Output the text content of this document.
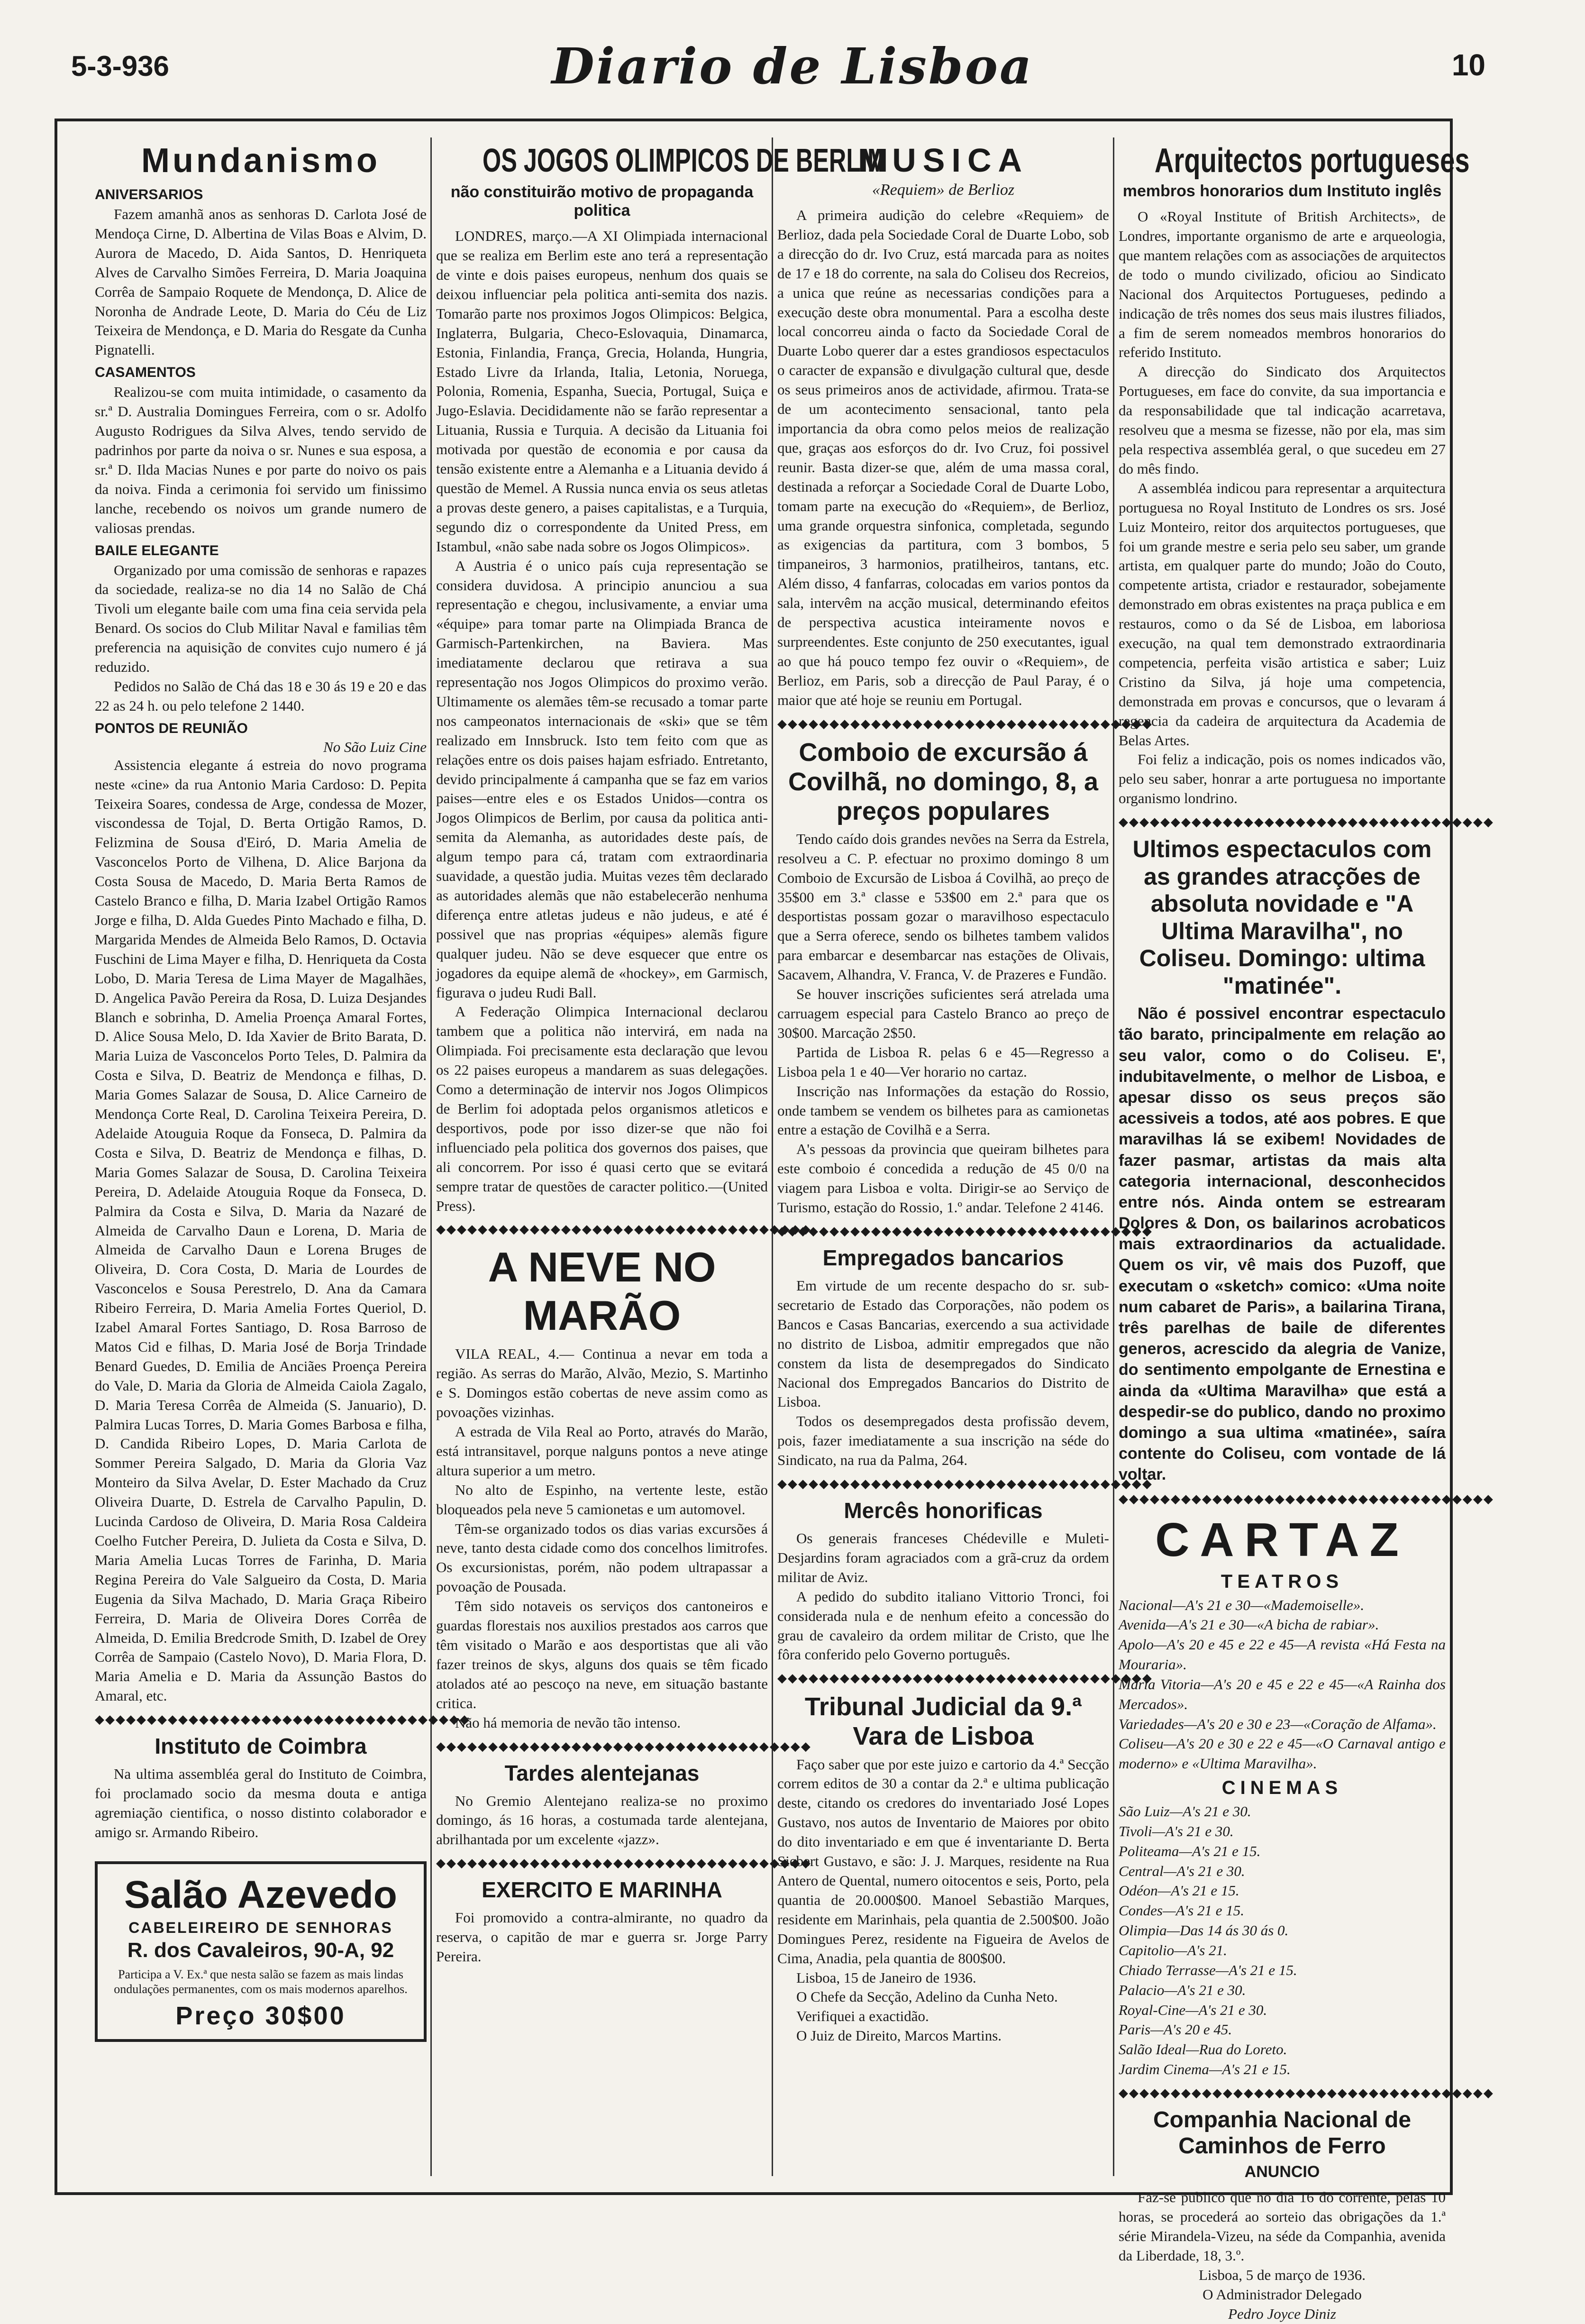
5-3-936	Diario de Lisboa	10
Mundanismo
ANIVERSARIOS

Fazem amanhã anos as senhoras D. Carlota José de Mendoça Cirne, D. Albertina de Vilas Boas e Alvim, D. Aurora de Macedo, D. Aida Santos, D. Henriqueta Alves de Carvalho Simões Ferreira, D. Maria Joaquina Corrêa de Sampaio Roquete de Mendonça, D. Alice de Noronha de Andrade Leote, D. Maria do Céu de Liz Teixeira de Mendonça, e D. Maria do Resgate da Cunha Pignatelli.

CASAMENTOS

Realizou-se com muita intimidade, o casamento da sr.ª D. Australia Domingues Ferreira, com o sr. Adolfo Augusto Rodrigues da Silva Alves, tendo servido de padrinhos por parte da noiva o sr. Nunes e sua esposa, a sr.ª D. Ilda Macias Nunes e por parte do noivo os pais da noiva. Finda a cerimonia foi servido um finissimo lanche, recebendo os noivos um grande numero de valiosas prendas.

BAILE ELEGANTE

Organizado por uma comissão de senhoras e rapazes da sociedade, realiza-se no dia 14 no Salão de Chá Tivoli um elegante baile com uma fina ceia servida pela Benard. Os socios do Club Militar Naval e familias têm preferencia na aquisição de convites cujo numero é já reduzido.

Pedidos no Salão de Chá das 18 e 30 ás 19 e 20 e das 22 as 24 h. ou pelo telefone 2 1440.

PONTOS DE REUNIÃO
No São Luiz Cine

Assistencia elegante á estreia do novo programa neste «cine» da rua Antonio Maria Cardoso: D. Pepita Teixeira Soares, condessa de Arge, condessa de Mozer, viscondessa de Tojal, D. Berta Ortigão Ramos, D. Felizmina de Sousa d'Eiró, D. Maria Amelia de Vasconcelos Porto de Vilhena, D. Alice Barjona da Costa Sousa de Macedo, D. Maria Berta Ramos de Castelo Branco e filha, D. Maria Izabel Ortigão Ramos Jorge e filha, D. Alda Guedes Pinto Machado e filha, D. Margarida Mendes de Almeida Belo Ramos, D. Octavia Fuschini de Lima Mayer e filha, D. Henriqueta da Costa Lobo, D. Maria Teresa de Lima Mayer de Magalhães, D. Angelica Pavão Pereira da Rosa, D. Luiza Desjandes Blanch e sobrinha, D. Amelia Proença Amaral Fortes, D. Alice Sousa Melo, D. Ida Xavier de Brito Barata, D. Maria Luiza de Vasconcelos Porto Teles, D. Palmira da Costa e Silva, D. Beatriz de Mendonça e filhas, D. Maria Gomes Salazar de Sousa, D. Alice Carneiro de Mendonça Corte Real, D. Carolina Teixeira Pereira, D. Adelaide Atouguia Roque da Fonseca, D. Palmira da Costa e Silva, D. Beatriz de Mendonça e filhas, D. Maria Gomes Salazar de Sousa, D. Carolina Teixeira Pereira, D. Adelaide Atouguia Roque da Fonseca, D. Palmira da Costa e Silva, D. Maria da Nazaré de Almeida de Carvalho Daun e Lorena, D. Maria de Almeida de Carvalho Daun e Lorena Bruges de Oliveira, D. Cora Costa, D. Maria de Lourdes de Vasconcelos e Sousa Perestrelo, D. Ana da Camara Ribeiro Ferreira, D. Maria Amelia Fortes Queriol, D. Izabel Amaral Fortes Santiago, D. Rosa Barroso de Matos Cid e filhas, D. Maria José de Borja Trindade Benard Guedes, D. Emilia de Anciães Proença Pereira do Vale, D. Maria da Gloria de Almeida Caiola Zagalo, D. Maria Teresa Corrêa de Almeida (S. Januario), D. Palmira Lucas Torres, D. Maria Gomes Barbosa e filha, D. Candida Ribeiro Lopes, D. Maria Carlota de Sommer Pereira Salgado, D. Maria da Gloria Vaz Monteiro da Silva Avelar, D. Ester Machado da Cruz Oliveira Duarte, D. Estrela de Carvalho Papulin, D. Lucinda Cardoso de Oliveira, D. Maria Rosa Caldeira Coelho Futcher Pereira, D. Julieta da Costa e Silva, D. Maria Amelia Lucas Torres de Farinha, D. Maria Regina Pereira do Vale Salgueiro da Costa, D. Maria Eugenia da Silva Machado, D. Maria Graça Ribeiro Ferreira, D. Maria de Oliveira Dores Corrêa de Almeida, D. Emilia Bredcrode Smith, D. Izabel de Orey Corrêa de Sampaio (Castelo Novo), D. Maria Flora, D. Maria Amelia e D. Maria da Assunção Bastos do Amaral, etc.

◆◆◆◆◆◆◆◆◆◆◆◆◆◆◆◆◆◆◆◆◆◆◆◆◆◆◆◆◆◆◆◆◆◆◆◆
Instituto de Coimbra

Na ultima assembléa geral do Instituto de Coimbra, foi proclamado socio da mesma douta e antiga agremiação cientifica, o nosso distinto colaborador e amigo sr. Armando Ribeiro.

Salão Azevedo
CABELEIREIRO DE SENHORAS
R. dos Cavaleiros, 90-A, 92

Participa a V. Ex.ª que nesta salão se fazem as mais lindas ondulações permanentes, com os mais modernos aparelhos.

Preço 30$00
OS JOGOS OLIMPICOS DE BERLIM
não constituirão motivo de propaganda politica

LONDRES, março.—A XI Olimpiada internacional que se realiza em Berlim este ano terá a representação de vinte e dois paises europeus, nenhum dos quais se deixou influenciar pela politica anti-semita dos nazis. Tomarão parte nos proximos Jogos Olimpicos: Belgica, Inglaterra, Bulgaria, Checo-Eslovaquia, Dinamarca, Estonia, Finlandia, França, Grecia, Holanda, Hungria, Estado Livre da Irlanda, Italia, Letonia, Noruega, Polonia, Romenia, Espanha, Suecia, Portugal, Suiça e Jugo-Eslavia. Decididamente não se farão representar a Lituania, Russia e Turquia. A decisão da Lituania foi motivada por questão de economia e por causa da tensão existente entre a Alemanha e a Lituania devido á questão de Memel. A Russia nunca envia os seus atletas a provas deste genero, a paises capitalistas, e a Turquia, segundo diz o correspondente da United Press, em Istambul, «não sabe nada sobre os Jogos Olimpicos».

A Austria é o unico país cuja representação se considera duvidosa. A principio anunciou a sua representação e chegou, inclusivamente, a enviar uma «équipe» para tomar parte na Olimpiada Branca de Garmisch-Partenkirchen, na Baviera. Mas imediatamente declarou que retirava a sua representação nos Jogos Olimpicos do proximo verão. Ultimamente os alemães têm-se recusado a tomar parte nos campeonatos internacionais de «ski» que se têm realizado em Innsbruck. Isto tem feito com que as relações entre os dois paises hajam esfriado. Entretanto, devido principalmente á campanha que se faz em varios paises—entre eles e os Estados Unidos—contra os Jogos Olimpicos de Berlim, por causa da politica anti-semita da Alemanha, as autoridades deste país, de algum tempo para cá, tratam com extraordinaria suavidade, a questão judia. Muitas vezes têm declarado as autoridades alemãs que não estabelecerão nenhuma diferença entre atletas judeus e não judeus, e até é possivel que nas proprias «équipes» alemãs figure qualquer judeu. Não se deve esquecer que entre os jogadores da equipe alemã de «hockey», em Garmisch, figurava o judeu Rudi Ball.

A Federação Olimpica Internacional declarou tambem que a politica não intervirá, em nada na Olimpiada. Foi precisamente esta declaração que levou os 22 paises europeus a mandarem as suas delegações. Como a determinação de intervir nos Jogos Olimpicos de Berlim foi adoptada pelos organismos atleticos e desportivos, pode por isso dizer-se que não foi influenciado pela politica dos governos dos paises, que ali concorrem. Por isso é quasi certo que se evitará sempre tratar de questões de caracter politico.—(United Press).

◆◆◆◆◆◆◆◆◆◆◆◆◆◆◆◆◆◆◆◆◆◆◆◆◆◆◆◆◆◆◆◆◆◆◆◆
A NEVE NO MARÃO

VILA REAL, 4.— Continua a nevar em toda a região. As serras do Marão, Alvão, Mezio, S. Martinho e S. Domingos estão cobertas de neve assim como as povoações vizinhas.

A estrada de Vila Real ao Porto, através do Marão, está intransitavel, porque nalguns pontos a neve atinge altura superior a um metro.

No alto de Espinho, na vertente leste, estão bloqueados pela neve 5 camionetas e um automovel.

Têm-se organizado todos os dias varias excursões á neve, tanto desta cidade como dos concelhos limitrofes. Os excursionistas, porém, não podem ultrapassar a povoação de Pousada.

Têm sido notaveis os serviços dos cantoneiros e guardas florestais nos auxilios prestados aos carros que têm visitado o Marão e aos desportistas que ali vão fazer treinos de skys, alguns dos quais se têm ficado atolados até ao pescoço na neve, em situação bastante critica.

Não há memoria de nevão tão intenso.

◆◆◆◆◆◆◆◆◆◆◆◆◆◆◆◆◆◆◆◆◆◆◆◆◆◆◆◆◆◆◆◆◆◆◆◆
Tardes alentejanas

No Gremio Alentejano realiza-se no proximo domingo, ás 16 horas, a costumada tarde alentejana, abrilhantada por um excelente «jazz».

◆◆◆◆◆◆◆◆◆◆◆◆◆◆◆◆◆◆◆◆◆◆◆◆◆◆◆◆◆◆◆◆◆◆◆◆
EXERCITO E MARINHA

Foi promovido a contra-almirante, no quadro da reserva, o capitão de mar e guerra sr. Jorge Parry Pereira.

MUSICA
«Requiem» de Berlioz

A primeira audição do celebre «Requiem» de Berlioz, dada pela Sociedade Coral de Duarte Lobo, sob a direcção do dr. Ivo Cruz, está marcada para as noites de 17 e 18 do corrente, na sala do Coliseu dos Recreios, a unica que reúne as necessarias condições para a execução deste obra monumental. Para a escolha deste local concorreu ainda o facto da Sociedade Coral de Duarte Lobo querer dar a estes grandiosos espectaculos o caracter de expansão e divulgação cultural que, desde os seus primeiros anos de actividade, afirmou. Trata-se de um acontecimento sensacional, tanto pela importancia da obra como pelos meios de realização que, graças aos esforços do dr. Ivo Cruz, foi possivel reunir. Basta dizer-se que, além de uma massa coral, destinada a reforçar a Sociedade Coral de Duarte Lobo, tomam parte na execução do «Requiem», de Berlioz, uma grande orquestra sinfonica, completada, segundo as exigencias da partitura, com 3 bombos, 5 timpaneiros, 3 harmonios, pratilheiros, tantans, etc. Além disso, 4 fanfarras, colocadas em varios pontos da sala, intervêm na acção musical, determinando efeitos de perspectiva acustica inteiramente novos e surpreendentes. Este conjunto de 250 executantes, igual ao que há pouco tempo fez ouvir o «Requiem», de Berlioz, em Paris, sob a direcção de Paul Paray, é o maior que até hoje se reuniu em Portugal.

◆◆◆◆◆◆◆◆◆◆◆◆◆◆◆◆◆◆◆◆◆◆◆◆◆◆◆◆◆◆◆◆◆◆◆◆
Comboio de excursão á Covilhã, no domingo, 8, a preços populares

Tendo caído dois grandes nevões na Serra da Estrela, resolveu a C. P. efectuar no proximo domingo 8 um Comboio de Excursão de Lisboa á Covilhã, ao preço de 35$00 em 3.ª classe e 53$00 em 2.ª para que os desportistas possam gozar o maravilhoso espectaculo que a Serra oferece, sendo os bilhetes tambem validos para embarcar e desembarcar nas estações de Olivais, Sacavem, Alhandra, V. Franca, V. de Prazeres e Fundão.

Se houver inscrições suficientes será atrelada uma carruagem especial para Castelo Branco ao preço de 30$00. Marcação 2$50.

Partida de Lisboa R. pelas 6 e 45—Regresso a Lisboa pela 1 e 40—Ver horario no cartaz.

Inscrição nas Informações da estação do Rossio, onde tambem se vendem os bilhetes para as camionetas entre a estação de Covilhã e a Serra.

A's pessoas da provincia que queiram bilhetes para este comboio é concedida a redução de 45 0/0 na viagem para Lisboa e volta. Dirigir-se ao Serviço de Turismo, estação do Rossio, 1.º andar. Telefone 2 4146.

◆◆◆◆◆◆◆◆◆◆◆◆◆◆◆◆◆◆◆◆◆◆◆◆◆◆◆◆◆◆◆◆◆◆◆◆
Empregados bancarios

Em virtude de um recente despacho do sr. sub-secretario de Estado das Corporações, não podem os Bancos e Casas Bancarias, exercendo a sua actividade no distrito de Lisboa, admitir empregados que não constem da lista de desempregados do Sindicato Nacional dos Empregados Bancarios do Distrito de Lisboa.

Todos os desempregados desta profissão devem, pois, fazer imediatamente a sua inscrição na séde do Sindicato, na rua da Palma, 264.

◆◆◆◆◆◆◆◆◆◆◆◆◆◆◆◆◆◆◆◆◆◆◆◆◆◆◆◆◆◆◆◆◆◆◆◆
Mercês honorificas

Os generais franceses Chédeville e Muleti-Desjardins foram agraciados com a grã-cruz da ordem militar de Aviz.

A pedido do subdito italiano Vittorio Tronci, foi considerada nula e de nenhum efeito a concessão do grau de cavaleiro da ordem militar de Cristo, que lhe fôra conferido pelo Governo português.

◆◆◆◆◆◆◆◆◆◆◆◆◆◆◆◆◆◆◆◆◆◆◆◆◆◆◆◆◆◆◆◆◆◆◆◆
Tribunal Judicial da 9.ª Vara de Lisboa

Faço saber que por este juizo e cartorio da 4.ª Secção correm editos de 30 a contar da 2.ª e ultima publicação deste, citando os credores do inventariado José Lopes Gustavo, nos autos de Inventario de Maiores por obito do dito inventariado e em que é inventariante D. Berta Siebert Gustavo, e são: J. J. Marques, residente na Rua Antero de Quental, numero oitocentos e seis, Porto, pela quantia de 20.000$00. Manoel Sebastião Marques, residente em Marinhais, pela quantia de 2.500$00. João Domingues Perez, residente na Figueira de Avelos de Cima, Anadia, pela quantia de 800$00.

Lisboa, 15 de Janeiro de 1936.

O Chefe da Secção, Adelino da Cunha Neto.

Verifiquei a exactidão.

O Juiz de Direito, Marcos Martins.

Arquitectos portugueses
membros honorarios dum Instituto inglês

O «Royal Institute of British Architects», de Londres, importante organismo de arte e arqueologia, que mantem relações com as associações de arquitectos de todo o mundo civilizado, oficiou ao Sindicato Nacional dos Arquitectos Portugueses, pedindo a indicação de três nomes dos seus mais ilustres filiados, a fim de serem nomeados membros honorarios do referido Instituto.

A direcção do Sindicato dos Arquitectos Portugueses, em face do convite, da sua importancia e da responsabilidade que tal indicação acarretava, resolveu que a mesma se fizesse, não por ela, mas sim pela respectiva assembléa geral, o que sucedeu em 27 do mês findo.

A assembléa indicou para representar a arquitectura portuguesa no Royal Instituto de Londres os srs. José Luiz Monteiro, reitor dos arquitectos portugueses, que foi um grande mestre e seria pelo seu saber, um grande artista, em qualquer parte do mundo; João do Couto, competente artista, criador e restaurador, sobejamente demonstrado em obras existentes na praça publica e em restauros, como o da Sé de Lisboa, em laboriosa execução, na qual tem demonstrado extraordinaria competencia, perfeita visão artistica e saber; Luiz Cristino da Silva, já hoje uma competencia, demonstrada em provas e concursos, que o levaram á regencia da cadeira de arquitectura da Academia de Belas Artes.

Foi feliz a indicação, pois os nomes indicados vão, pelo seu saber, honrar a arte portuguesa no importante organismo londrino.

◆◆◆◆◆◆◆◆◆◆◆◆◆◆◆◆◆◆◆◆◆◆◆◆◆◆◆◆◆◆◆◆◆◆◆◆
Ultimos espectaculos com as grandes atracções de absoluta novidade e "A Ultima Maravilha", no Coliseu. Domingo: ultima "matinée".

Não é possivel encontrar espectaculo tão barato, principalmente em relação ao seu valor, como o do Coliseu. E', indubitavelmente, o melhor de Lisboa, e apesar disso os seus preços são acessiveis a todos, até aos pobres. E que maravilhas lá se exibem! Novidades de fazer pasmar, artistas da mais alta categoria internacional, desconhecidos entre nós. Ainda ontem se estrearam Dolores & Don, os bailarinos acrobaticos mais extraordinarios da actualidade. Quem os vir, vê mais dos Puzoff, que executam o «sketch» comico: «Uma noite num cabaret de Paris», a bailarina Tirana, três parelhas de baile de diferentes generos, acrescido da alegria de Vanize, do sentimento empolgante de Ernestina e ainda da «Ultima Maravilha» que está a despedir-se do publico, dando no proximo domingo a sua ultima «matinée», saíra contente do Coliseu, com vontade de lá voltar.

◆◆◆◆◆◆◆◆◆◆◆◆◆◆◆◆◆◆◆◆◆◆◆◆◆◆◆◆◆◆◆◆◆◆◆◆
CARTAZ
TEATROS

Nacional—A's 21 e 30—«Mademoiselle».

Avenida—A's 21 e 30—«A bicha de rabiar».

Apolo—A's 20 e 45 e 22 e 45—A revista «Há Festa na Mouraria».

Maria Vitoria—A's 20 e 45 e 22 e 45—«A Rainha dos Mercados».

Variedades—A's 20 e 30 e 23—«Coração de Alfama».

Coliseu—A's 20 e 30 e 22 e 45—«O Carnaval antigo e moderno» e «Ultima Maravilha».

CINEMAS

São Luiz—A's 21 e 30.

Tivoli—A's 21 e 30.

Politeama—A's 21 e 15.

Central—A's 21 e 30.

Odéon—A's 21 e 15.

Condes—A's 21 e 15.

Olimpia—Das 14 ás 30 ás 0.

Capitolio—A's 21.

Chiado Terrasse—A's 21 e 15.

Palacio—A's 21 e 30.

Royal-Cine—A's 21 e 30.

Paris—A's 20 e 45.

Salão Ideal—Rua do Loreto.

Jardim Cinema—A's 21 e 15.

◆◆◆◆◆◆◆◆◆◆◆◆◆◆◆◆◆◆◆◆◆◆◆◆◆◆◆◆◆◆◆◆◆◆◆◆
Companhia Nacional de Caminhos de Ferro
ANUNCIO

Faz-se publico que no dia 16 do corrente, pelas 10 horas, se procederá ao sorteio das obrigações da 1.ª série Mirandela-Vizeu, na séde da Companhia, avenida da Liberdade, 18, 3.º.

Lisboa, 5 de março de 1936.

O Administrador Delegado

Pedro Joyce Diniz
